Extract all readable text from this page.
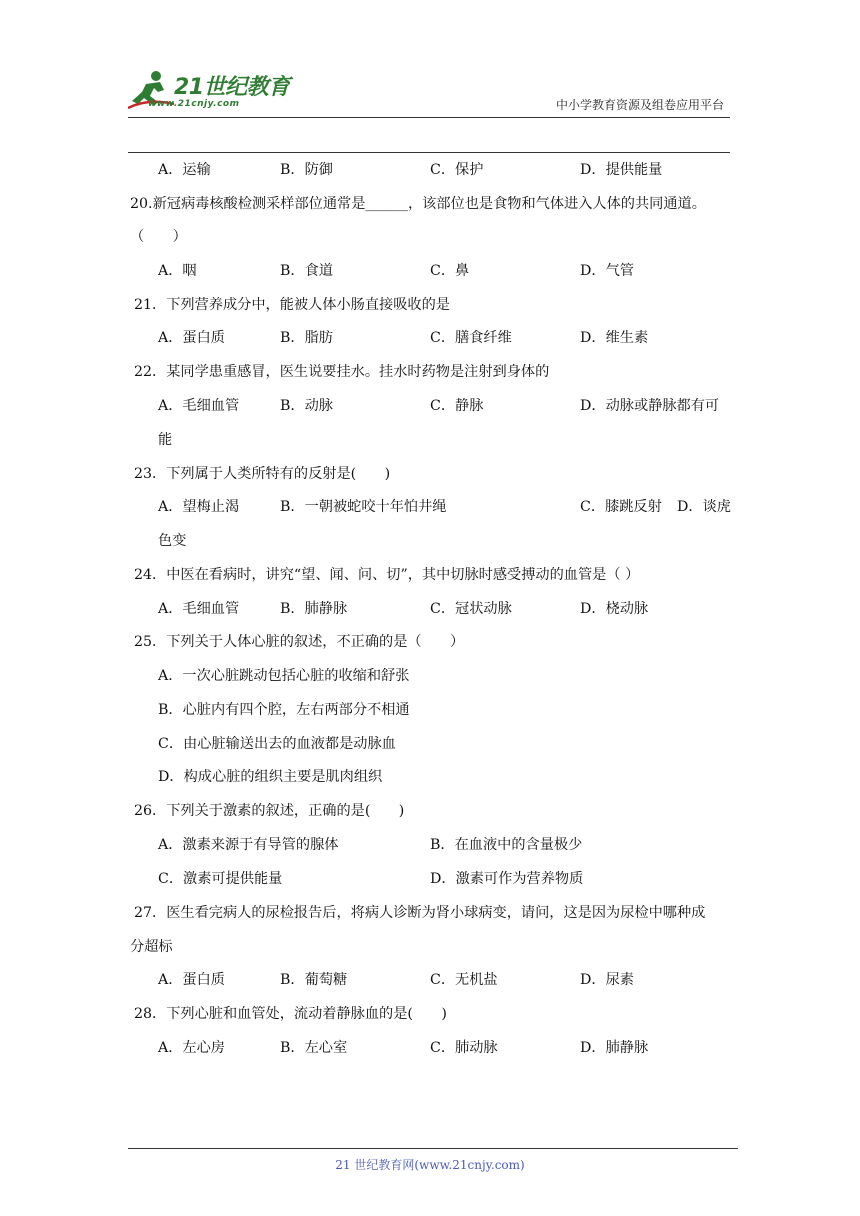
21世纪教育
www.21cnjy.com	中小学教育资源及组卷应用平台
A．运输	B．防御	C．保护	D．提供能量
20.新冠病毒核酸检测采样部位通常是______，该部位也是食物和气体进入人体的共同通道。
（　　）
A．咽	B．食道	C．鼻	D．气管
21．下列营养成分中，能被人体小肠直接吸收的是
A．蛋白质	B．脂肪	C．膳食纤维	D．维生素
22．某同学患重感冒，医生说要挂水。挂水时药物是注射到身体的
A．毛细血管	B．动脉	C．静脉	D．动脉或静脉都有可
能
23．下列属于人类所特有的反射是(　　)
A．望梅止渴	B．一朝被蛇咬十年怕井绳	C．膝跳反射 D．谈虎
色变
24．中医在看病时，讲究“望、闻、问、切”，其中切脉时感受搏动的血管是（ ）
A．毛细血管	B．肺静脉	C．冠状动脉	D．桡动脉
25．下列关于人体心脏的叙述，不正确的是（　　）
A．一次心脏跳动包括心脏的收缩和舒张
B．心脏内有四个腔，左右两部分不相通
C．由心脏输送出去的血液都是动脉血
D．构成心脏的组织主要是肌肉组织
26．下列关于激素的叙述，正确的是(　　)
A．激素来源于有导管的腺体	B．在血液中的含量极少
C．激素可提供能量	D．激素可作为营养物质
27．医生看完病人的尿检报告后，将病人诊断为肾小球病变，请问，这是因为尿检中哪种成
分超标
A．蛋白质	B．葡萄糖	C．无机盐	D．尿素
28．下列心脏和血管处，流动着静脉血的是(　　)
A．左心房	B．左心室	C．肺动脉	D．肺静脉
21 世纪教育网(www.21cnjy.com)
